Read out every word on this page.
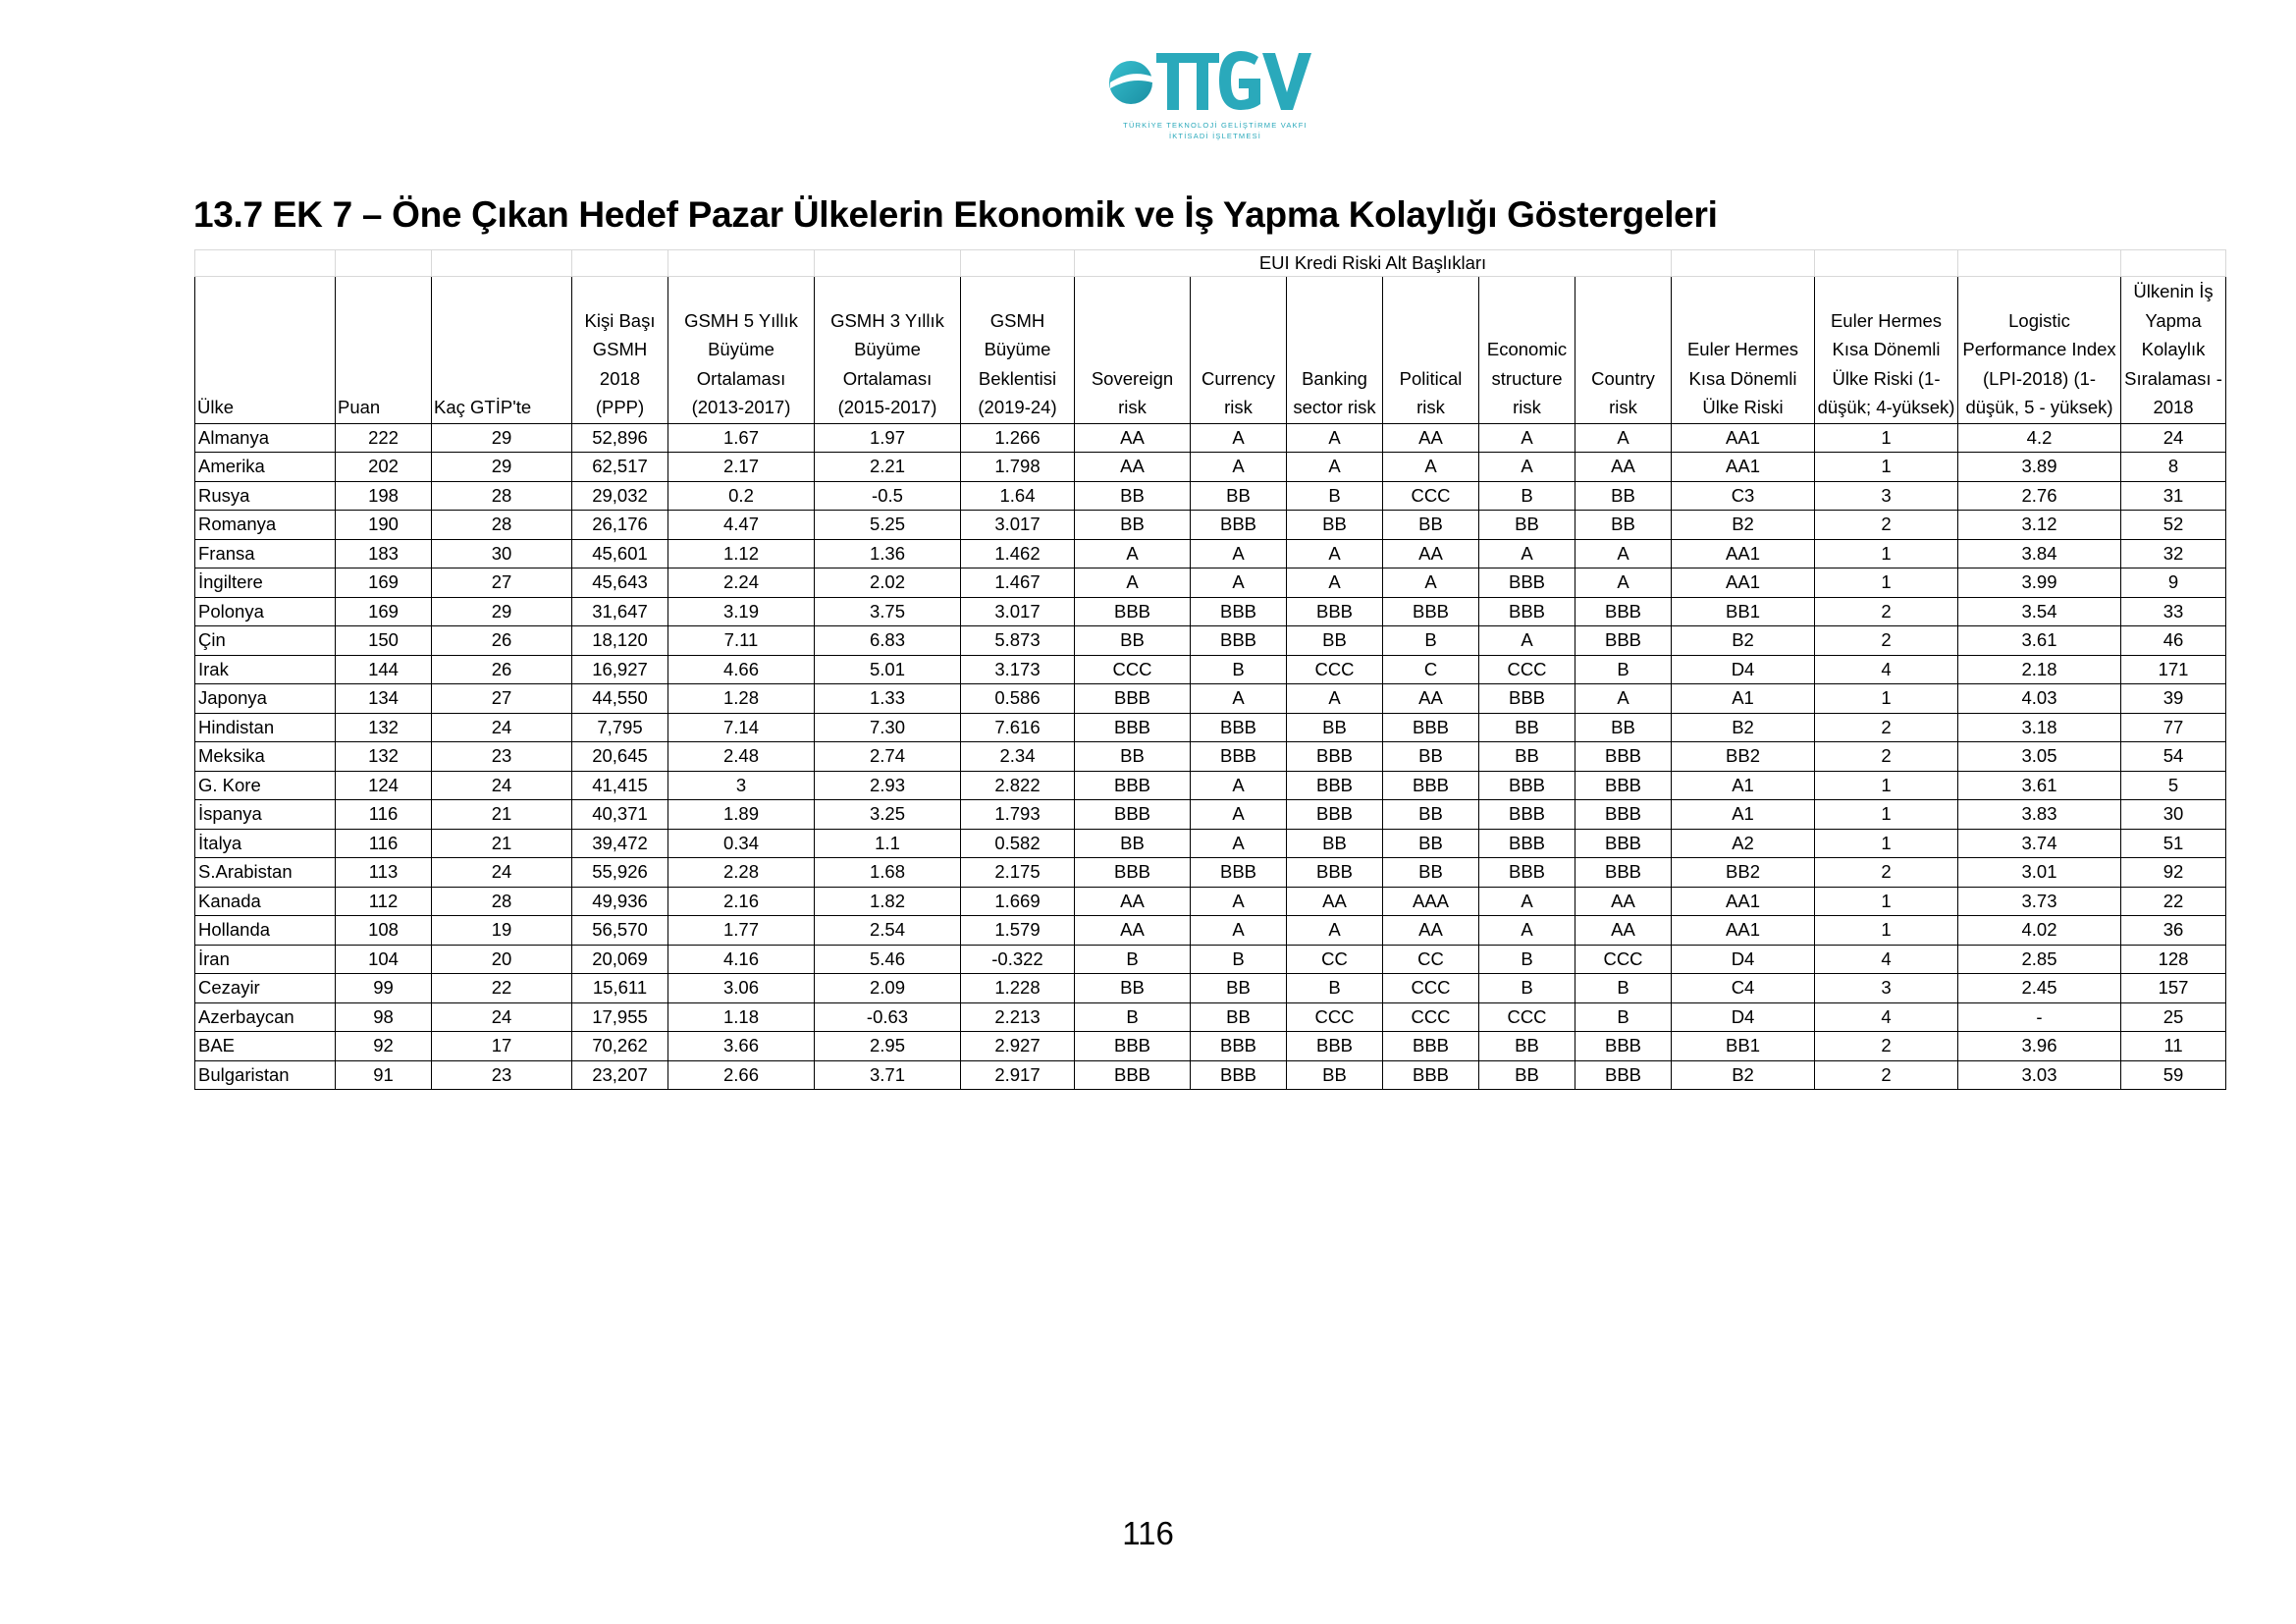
TÜRKİYE TEKNOLOJİ GELİŞTİRME VAKFI
İKTİSADİ İŞLETMESİ
13.7 EK 7 – Öne Çıkan Hedef Pazar Ülkelerin Ekonomik ve İş Yapma Kolaylığı Göstergeleri
							EUI Kredi Riski Alt Başlıkları									
Ülke	Puan	Kaç GTİP'te	Kişi Başı GSMH 2018 (PPP)	GSMH 5 Yıllık Büyüme Ortalaması (2013-2017)	GSMH 3 Yıllık Büyüme Ortalaması (2015-2017)	GSMH Büyüme Beklentisi (2019-24)	Sovereign risk	Currency risk	Banking sector risk	Political risk	Economic structure risk	Country risk	Euler Hermes Kısa Dönemli Ülke Riski	Euler Hermes Kısa Dönemli Ülke Riski (1-düşük; 4-yüksek)	Logistic Performance Index (LPI-2018) (1- düşük, 5 - yüksek)	Ülkenin İş Yapma Kolaylık Sıralaması - 2018
Almanya	222	29	52,896	1.67	1.97	1.266	AA	A	A	AA	A	A	AA1	1	4.2	24
Amerika	202	29	62,517	2.17	2.21	1.798	AA	A	A	A	A	AA	AA1	1	3.89	8
Rusya	198	28	29,032	0.2	-0.5	1.64	BB	BB	B	CCC	B	BB	C3	3	2.76	31
Romanya	190	28	26,176	4.47	5.25	3.017	BB	BBB	BB	BB	BB	BB	B2	2	3.12	52
Fransa	183	30	45,601	1.12	1.36	1.462	A	A	A	AA	A	A	AA1	1	3.84	32
İngiltere	169	27	45,643	2.24	2.02	1.467	A	A	A	A	BBB	A	AA1	1	3.99	9
Polonya	169	29	31,647	3.19	3.75	3.017	BBB	BBB	BBB	BBB	BBB	BBB	BB1	2	3.54	33
Çin	150	26	18,120	7.11	6.83	5.873	BB	BBB	BB	B	A	BBB	B2	2	3.61	46
Irak	144	26	16,927	4.66	5.01	3.173	CCC	B	CCC	C	CCC	B	D4	4	2.18	171
Japonya	134	27	44,550	1.28	1.33	0.586	BBB	A	A	AA	BBB	A	A1	1	4.03	39
Hindistan	132	24	7,795	7.14	7.30	7.616	BBB	BBB	BB	BBB	BB	BB	B2	2	3.18	77
Meksika	132	23	20,645	2.48	2.74	2.34	BB	BBB	BBB	BB	BB	BBB	BB2	2	3.05	54
G. Kore	124	24	41,415	3	2.93	2.822	BBB	A	BBB	BBB	BBB	BBB	A1	1	3.61	5
İspanya	116	21	40,371	1.89	3.25	1.793	BBB	A	BBB	BB	BBB	BBB	A1	1	3.83	30
İtalya	116	21	39,472	0.34	1.1	0.582	BB	A	BB	BB	BBB	BBB	A2	1	3.74	51
S.Arabistan	113	24	55,926	2.28	1.68	2.175	BBB	BBB	BBB	BB	BBB	BBB	BB2	2	3.01	92
Kanada	112	28	49,936	2.16	1.82	1.669	AA	A	AA	AAA	A	AA	AA1	1	3.73	22
Hollanda	108	19	56,570	1.77	2.54	1.579	AA	A	A	AA	A	AA	AA1	1	4.02	36
İran	104	20	20,069	4.16	5.46	-0.322	B	B	CC	CC	B	CCC	D4	4	2.85	128
Cezayir	99	22	15,611	3.06	2.09	1.228	BB	BB	B	CCC	B	B	C4	3	2.45	157
Azerbaycan	98	24	17,955	1.18	-0.63	2.213	B	BB	CCC	CCC	CCC	B	D4	4	-	25
BAE	92	17	70,262	3.66	2.95	2.927	BBB	BBB	BBB	BBB	BB	BBB	BB1	2	3.96	11
Bulgaristan	91	23	23,207	2.66	3.71	2.917	BBB	BBB	BB	BBB	BB	BBB	B2	2	3.03	59
116
